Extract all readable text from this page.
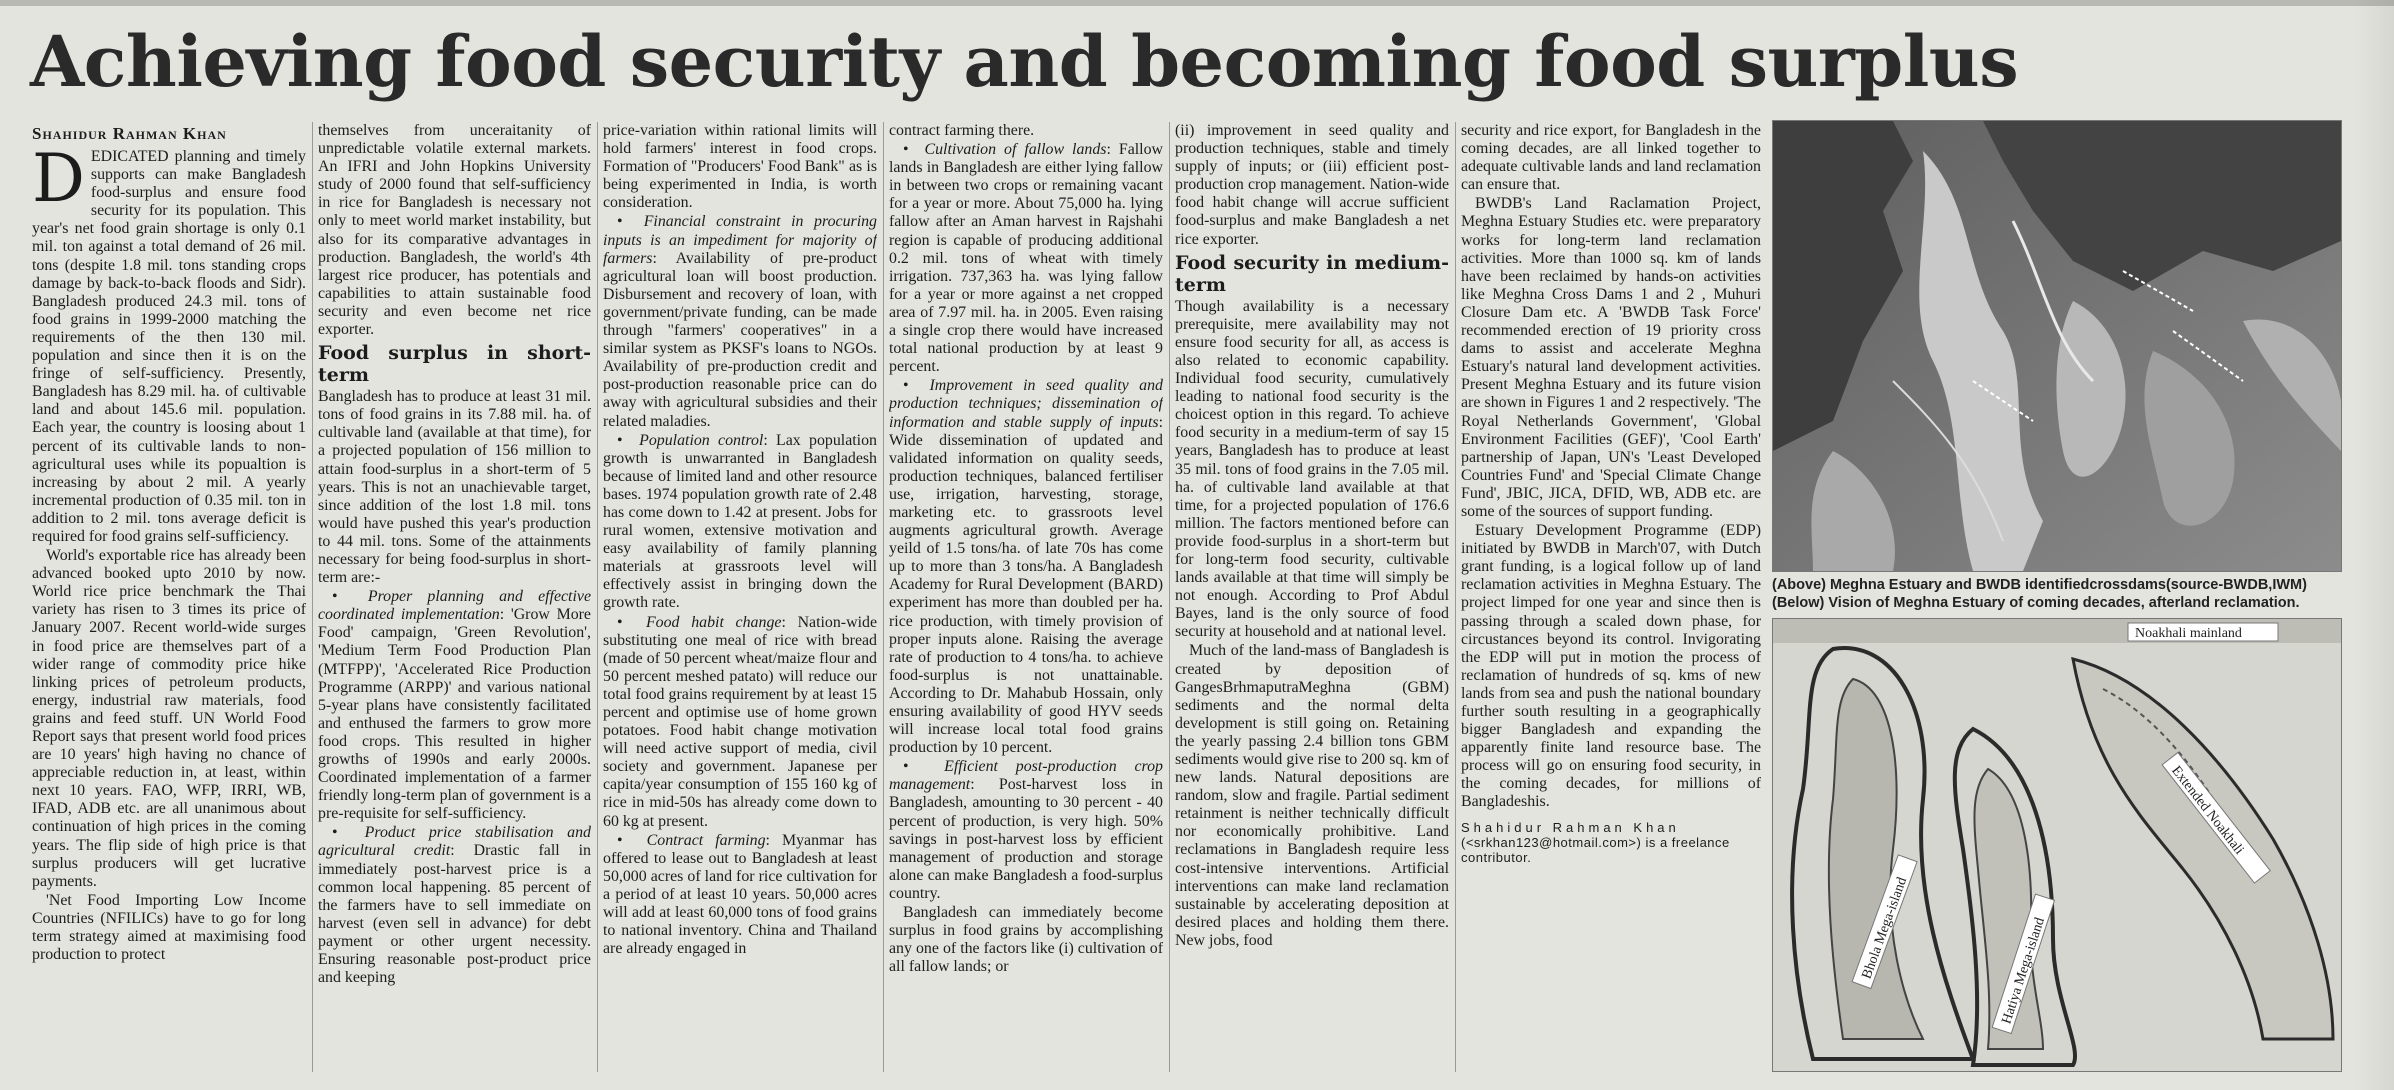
Achieving food security and becoming food surplus
Shahidur Rahman Khan

DEDICATED planning and timely supports can make Bangladesh food-surplus and ensure food security for its population. This year's net food grain shortage is only 0.1 mil. ton against a total demand of 26 mil. tons (despite 1.8 mil. tons standing crops damage by back-to-back floods and Sidr). Bangladesh produced 24.3 mil. tons of food grains in 1999-2000 matching the requirements of the then 130 mil. population and since then it is on the fringe of self-sufficiency. Presently, Bangladesh has 8.29 mil. ha. of cultivable land and about 145.6 mil. population. Each year, the country is loosing about 1 percent of its cultivable lands to non-agricultural uses while its popualtion is increasing by about 2 mil. A yearly incremental production of 0.35 mil. ton in addition to 2 mil. tons average deficit is required for food grains self-sufficiency.

World's exportable rice has already been advanced booked upto 2010 by now. World rice price benchmark the Thai variety has risen to 3 times its price of January 2007. Recent world-wide surges in food price are themselves part of a wider range of commodity price hike linking prices of petroleum products, energy, industrial raw materials, food grains and feed stuff. UN World Food Report says that present world food prices are 10 years' high having no chance of appreciable reduction in, at least, within next 10 years. FAO, WFP, IRRI, WB, IFAD, ADB etc. are all unanimous about continuation of high prices in the coming years. The flip side of high price is that surplus producers will get lucrative payments.

'Net Food Importing Low Income Countries (NFILICs) have to go for long term strategy aimed at maximising food production to protect

themselves from unceraitanity of unpredictable volatile external markets. An IFRI and John Hopkins University study of 2000 found that self-sufficiency in rice for Bangladesh is necessary not only to meet world market instability, but also for its comparative advantages in production. Bangladesh, the world's 4th largest rice producer, has potentials and capabilities to attain sustainable food security and even become net rice exporter.

Food surplus in short-term

Bangladesh has to produce at least 31 mil. tons of food grains in its 7.88 mil. ha. of cultivable land (available at that time), for a projected population of 156 million to attain food-surplus in a short-term of 5 years. This is not an unachievable target, since addition of the lost 1.8 mil. tons would have pushed this year's production to 44 mil. tons. Some of the attainments necessary for being food-surplus in short-term are:-

•  Proper planning and effective coordinated implementation: 'Grow More Food' campaign, 'Green Revolution', 'Medium Term Food Production Plan (MTFPP)', 'Accelerated Rice Production Programme (ARPP)' and various national 5-year plans have consistently facilitated and enthused the farmers to grow more food crops. This resulted in higher growths of 1990s and early 2000s. Coordinated implementation of a farmer friendly long-term plan of government is a pre-requisite for self-sufficiency.

•  Product price stabilisation and agricultural credit: Drastic fall in immediately post-harvest price is a common local happening. 85 percent of the farmers have to sell immediate on harvest (even sell in advance) for debt payment or other urgent necessity. Ensuring reasonable post-product price and keeping

price-variation within rational limits will hold farmers' interest in food crops. Formation of "Producers' Food Bank" as is being experimented in India, is worth consideration.

•  Financial constraint in procuring inputs is an impediment for majority of farmers: Availability of pre-product agricultural loan will boost production. Disbursement and recovery of loan, with government/private funding, can be made through "farmers' cooperatives" in a similar system as PKSF's loans to NGOs. Availability of pre-production credit and post-production reasonable price can do away with agricultural subsidies and their related maladies.

•  Population control: Lax population growth is unwarranted in Bangladesh because of limited land and other resource bases. 1974 population growth rate of 2.48 has come down to 1.42 at present. Jobs for rural women, extensive motivation and easy availability of family planning materials at grassroots level will effectively assist in bringing down the growth rate.

•  Food habit change: Nation-wide substituting one meal of rice with bread (made of 50 percent wheat/maize flour and 50 percent meshed patato) will reduce our total food grains requirement by at least 15 percent and optimise use of home grown potatoes. Food habit change motivation will need active support of media, civil society and government. Japanese per capita/year consumption of 155 160 kg of rice in mid-50s has already come down to 60 kg at present.

•  Contract farming: Myanmar has offered to lease out to Bangladesh at least 50,000 acres of land for rice cultivation for a period of at least 10 years. 50,000 acres will add at least 60,000 tons of food grains to national inventory. China and Thailand are already engaged in

contract farming there.

•  Cultivation of fallow lands: Fallow lands in Bangladesh are either lying fallow in between two crops or remaining vacant for a year or more. About 75,000 ha. lying fallow after an Aman harvest in Rajshahi region is capable of producing additional 0.2 mil. tons of wheat with timely irrigation. 737,363 ha. was lying fallow for a year or more against a net cropped area of 7.97 mil. ha. in 2005. Even raising a single crop there would have increased total national production by at least 9 percent.

•  Improvement in seed quality and production techniques; dissemination of information and stable supply of inputs: Wide dissemination of updated and validated information on quality seeds, production techniques, balanced fertiliser use, irrigation, harvesting, storage, marketing etc. to grassroots level augments agricultural growth. Average yeild of 1.5 tons/ha. of late 70s has come up to more than 3 tons/ha. A Bangladesh Academy for Rural Development (BARD) experiment has more than doubled per ha. rice production, with timely provision of proper inputs alone. Raising the average rate of production to 4 tons/ha. to achieve food-surplus is not unattainable. According to Dr. Mahabub Hossain, only ensuring availability of good HYV seeds will increase local total food grains production by 10 percent.

•  Efficient post-production crop management: Post-harvest loss in Bangladesh, amounting to 30 percent - 40 percent of production, is very high. 50% savings in post-harvest loss by efficient management of production and storage alone can make Bangladesh a food-surplus country.

Bangladesh can immediately become surplus in food grains by accomplishing any one of the factors like (i) cultivation of all fallow lands; or

(ii) improvement in seed quality and production techniques, stable and timely supply of inputs; or (iii) efficient post-production crop management. Nation-wide food habit change will accrue sufficient food-surplus and make Bangladesh a net rice exporter.

Food security in medium-term

Though availability is a necessary prerequisite, mere availability may not ensure food security for all, as access is also related to economic capability. Individual food security, cumulatively leading to national food security is the choicest option in this regard. To achieve food security in a medium-term of say 15 years, Bangladesh has to produce at least 35 mil. tons of food grains in the 7.05 mil. ha. of cultivable land available at that time, for a projected population of 176.6 million. The factors mentioned before can provide food-surplus in a short-term but for long-term food security, cultivable lands available at that time will simply be not enough. According to Prof Abdul Bayes, land is the only source of food security at household and at national level.

Much of the land-mass of Bangladesh is created by deposition of GangesBrhmaputraMeghna (GBM) sediments and the normal delta development is still going on. Retaining the yearly passing 2.4 billion tons GBM sediments would give rise to 200 sq. km of new lands. Natural depositions are random, slow and fragile. Partial sediment retainment is neither technically difficult nor economically prohibitive. Land reclamations in Bangladesh require less cost-intensive interventions. Artificial interventions can make land reclamation sustainable by accelerating deposition at desired places and holding them there. New jobs, food

security and rice export, for Bangladesh in the coming decades, are all linked together to adequate cultivable lands and land reclamation can ensure that.

BWDB's Land Raclamation Project, Meghna Estuary Studies etc. were preparatory works for long-term land reclamation activities. More than 1000 sq. km of lands have been reclaimed by hands-on activities like Meghna Cross Dams 1 and 2 , Muhuri Closure Dam etc. A 'BWDB Task Force' recommended erection of 19 priority cross dams to assist and accelerate Meghna Estuary's natural land development activities. Present Meghna Estuary and its future vision are shown in Figures 1 and 2 respectively. 'The Royal Netherlands Government', 'Global Environment Facilities (GEF)', 'Cool Earth' partnership of Japan, UN's 'Least Developed Countries Fund' and 'Special Climate Change Fund', JBIC, JICA, DFID, WB, ADB etc. are some of the sources of support funding.

Estuary Development Programme (EDP) initiated by BWDB in March'07, with Dutch grant funding, is a logical follow up of land reclamation activities in Meghna Estuary. The project limped for one year and since then is passing through a scaled down phase, for circustances beyond its control. Invigorating the EDP will put in motion the process of reclamation of hundreds of sq. kms of new lands from sea and push the national boundary further south resulting in a geographically bigger Bangladesh and expanding the apparently finite land resource base. The process will go on ensuring food security, in the coming decades, for millions of Bangladeshis.

Shahidur Rahman Khan
(<srkhan123@hotmail.com>) is a freelance contributor.
(Above) Meghna Estuary and BWDB identifiedcrossdams(source-BWDB,IWM)
(Below) Vision of Meghna Estuary of coming decades, afterland reclamation.
Noakhali mainland
Extended Noakhali
Bhola Mega-island	Hatiya Mega-island
